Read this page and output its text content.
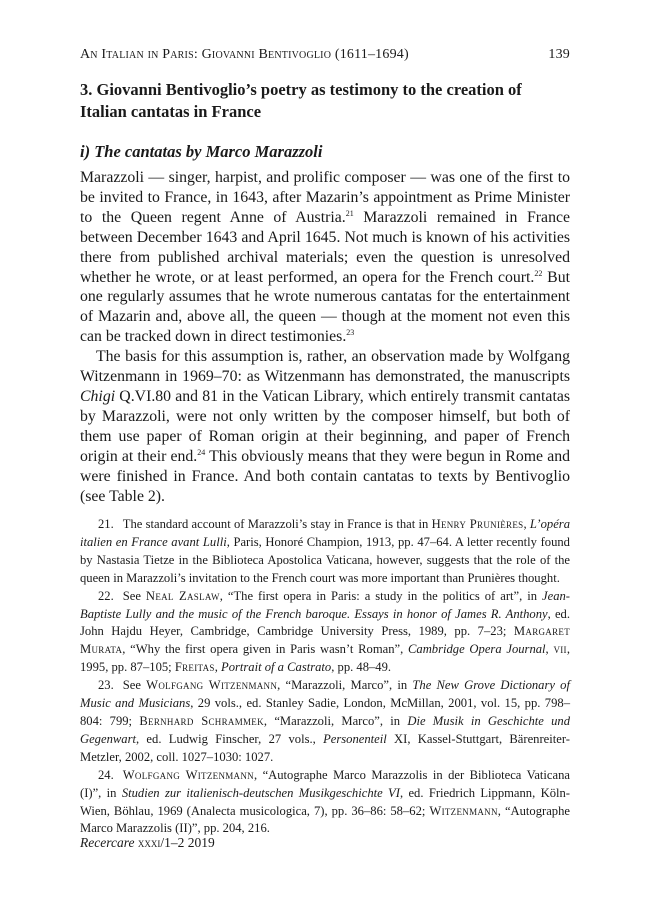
An Italian in Paris: Giovanni Bentivoglio (1611–1694)	139
3. Giovanni Bentivoglio’s poetry as testimony to the creation of Italian cantatas in France
i) The cantatas by Marco Marazzoli

Marazzoli — singer, harpist, and prolific composer — was one of the first to be invited to France, in 1643, after Mazarin’s appointment as Prime Minister to the Queen regent Anne of Austria.$^{21}$ Marazzoli remained in France between December 1643 and April 1645. Not much is known of his activities there from published archival materials; even the question is unresolved whether he wrote, or at least performed, an opera for the French court.$^{22}$ But one regularly assumes that he wrote numerous cantatas for the entertainment of Mazarin and, above all, the queen — though at the moment not even this can be tracked down in direct testimonies.$^{23}$

The basis for this assumption is, rather, an observation made by Wolfgang Witzenmann in 1969–70: as Witzenmann has demonstrated, the manuscripts Chigi Q.VI.80 and 81 in the Vatican Library, which entirely transmit cantatas by Marazzoli, were not only written by the composer himself, but both of them use paper of Roman origin at their beginning, and paper of French origin at their end.$^{24}$ This obviously means that they were begun in Rome and were finished in France. And both contain cantatas to texts by Bentivoglio (see Table 2).

21. The standard account of Marazzoli’s stay in France is that in Henry Prunières, L’opéra italien en France avant Lulli, Paris, Honoré Champion, 1913, pp. 47–64. A letter recently found by Nastasia Tietze in the Biblioteca Apostolica Vaticana, however, suggests that the role of the queen in Marazzoli’s invitation to the French court was more important than Prunières thought.

22. See Neal Zaslaw, “The first opera in Paris: a study in the politics of art”, in Jean-Baptiste Lully and the music of the French baroque. Essays in honor of James R. Anthony, ed. John Hajdu Heyer, Cambridge, Cambridge University Press, 1989, pp. 7–23; Margaret Murata, “Why the first opera given in Paris wasn’t Roman”, Cambridge Opera Journal, vii, 1995, pp. 87–105; Freitas, Portrait of a Castrato, pp. 48–49.

23. See Wolfgang Witzenmann, “Marazzoli, Marco”, in The New Grove Dictionary of Music and Musicians, 29 vols., ed. Stanley Sadie, London, McMillan, 2001, vol. 15, pp. 798–804: 799; Bernhard Schrammek, “Marazzoli, Marco”, in Die Musik in Geschichte und Gegenwart, ed. Ludwig Finscher, 27 vols., Personenteil XI, Kassel-Stuttgart, Bärenreiter-Metzler, 2002, coll. 1027–1030: 1027.

24. Wolfgang Witzenmann, “Autographe Marco Marazzolis in der Biblioteca Vaticana (I)”, in Studien zur italienisch-deutschen Musikgeschichte VI, ed. Friedrich Lippmann, Köln-Wien, Böhlau, 1969 (Analecta musicologica, 7), pp. 36–86: 58–62; Witzenmann, “Autographe Marco Marazzolis (II)”, pp. 204, 216.

Recercare xxxi/1–2 2019
